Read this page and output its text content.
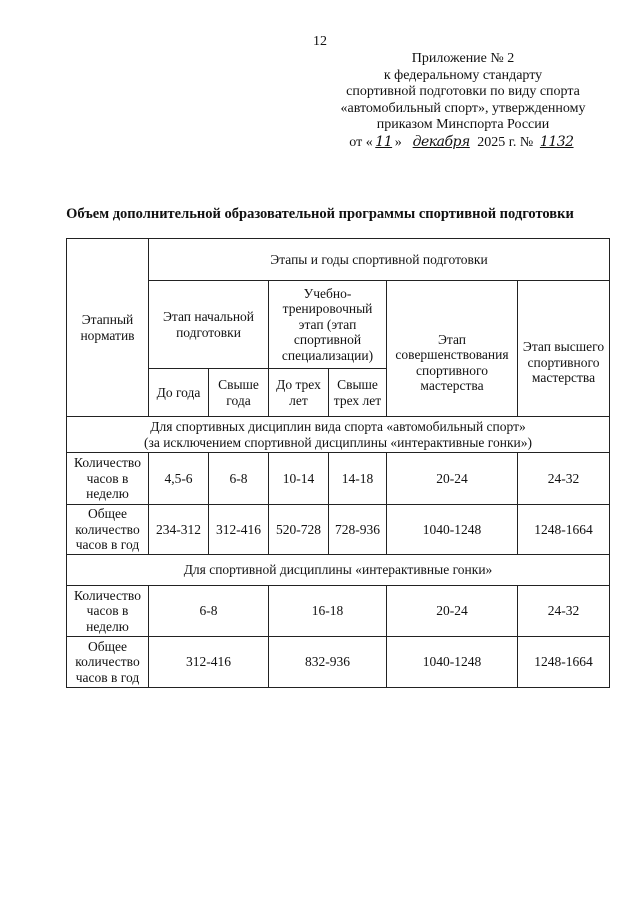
12
Приложение № 2
к федеральному стандарту
спортивной подготовки по виду спорта
«автомобильный спорт», утвержденному
приказом Минспорта России
от « 11 » декабря 2025 г. № 1132
Объем дополнительной образовательной программы спортивной подготовки
Этапный норматив	Этапы и годы спортивной подготовки					
	Этап начальной подготовки		Учебно-тренировочный этап (этап спортивной специализации)		Этап совершенствования спортивного мастерства	Этап высшего спортивного мастерства
	До года	Свыше года	До трех лет	Свыше трех лет		

Для спортивных дисциплин вида спорта «автомобильный спорт»
(за исключением спортивной дисциплины «интерактивные гонки»)						

Количество часов в неделю	4,5-6	6-8	10-14	14-18	20-24	24-32
Общее количество часов в год	234-312	312-416	520-728	728-936	1040-1248	1248-1664
Для спортивной дисциплины «интерактивные гонки»						
Количество часов в неделю	6-8		16-18		20-24	24-32
Общее количество часов в год	312-416		832-936		1040-1248	1248-1664
